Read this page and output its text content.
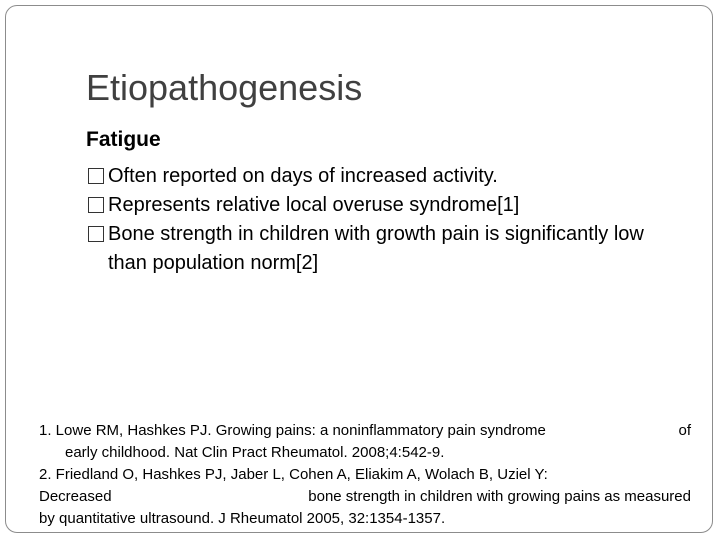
Etiopathogenesis
Fatigue
Often reported on days of increased activity.
Represents relative local overuse syndrome[1]
Bone strength in children with growth pain is significantly low than population norm[2]
1. Lowe RM, Hashkes PJ. Growing pains: a noninflammatory pain syndrome	of
early childhood. Nat Clin Pract Rheumatol. 2008;4:542-9.
2. Friedland O, Hashkes PJ, Jaber L, Cohen A, Eliakim A, Wolach B, Uziel Y:
Decreased	bone strength in children with growing pains as measured
by quantitative ultrasound. J Rheumatol 2005, 32:1354-1357.
